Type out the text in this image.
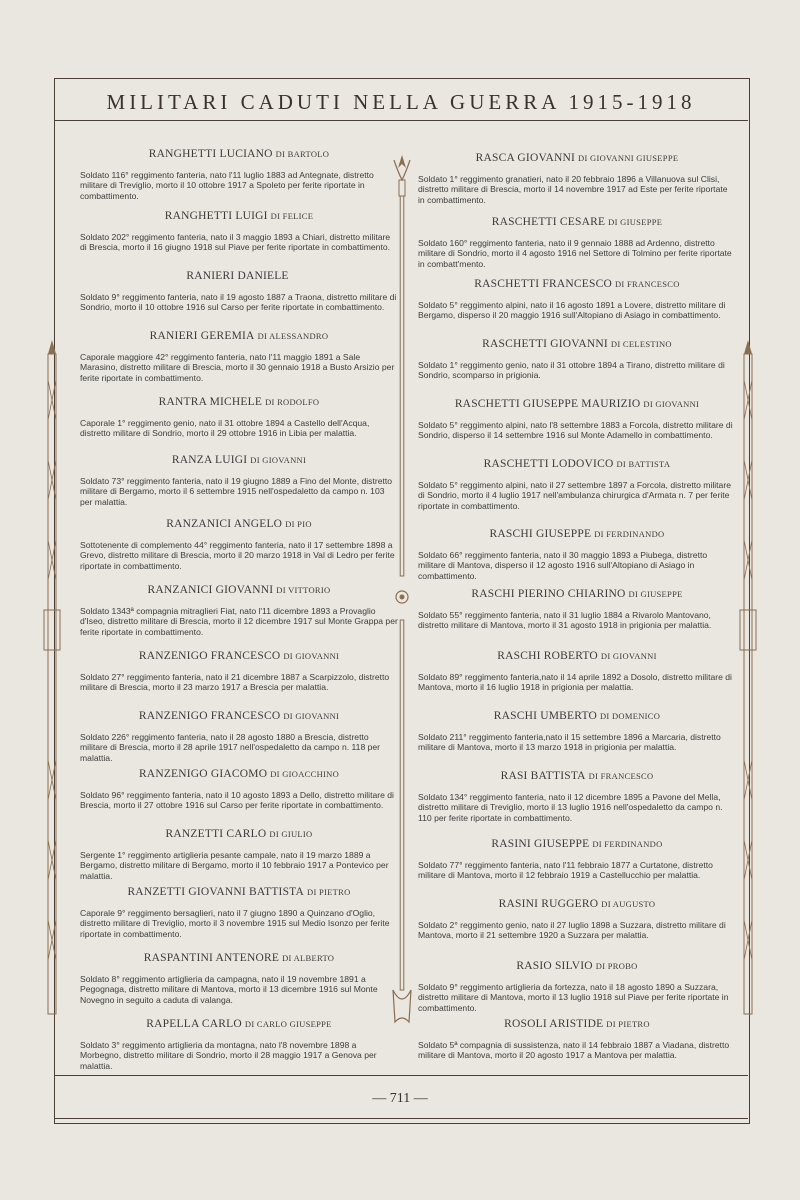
MILITARI CADUTI NELLA GUERRA 1915-1918
RANGHETTI LUCIANO DI BARTOLO
Soldato 116° reggimento fanteria, nato l'11 luglio 1883 ad Antegnate, distretto militare di Treviglio, morto il 10 ottobre 1917 a Spoleto per ferite riportate in combattimento.
RANGHETTI LUIGI DI FELICE
Soldato 202° reggimento fanteria, nato il 3 maggio 1893 a Chiari, distretto militare di Brescia, morto il 16 giugno 1918 sul Piave per ferite riportate in combattimento.
RANIERI DANIELE
Soldato 9° reggimento fanteria, nato il 19 agosto 1887 a Traona, distretto militare di Sondrio, morto il 10 ottobre 1916 sul Carso per ferite riportate in combattimento.
RANIERI GEREMIA DI ALESSANDRO
Caporale maggiore 42° reggimento fanteria, nato l'11 maggio 1891 a Sale Marasino, distretto militare di Brescia, morto il 30 gennaio 1918 a Busto Arsizio per ferite riportate in combattimento.
RANTRA MICHELE DI RODOLFO
Caporale 1° reggimento genio, nato il 31 ottobre 1894 a Castello dell'Acqua, distretto militare di Sondrio, morto il 29 ottobre 1916 in Libia per malattia.
RANZA LUIGI DI GIOVANNI
Soldato 73° reggimento fanteria, nato il 19 giugno 1889 a Fino del Monte, distretto militare di Bergamo, morto il 6 settembre 1915 nell'ospedaletto da campo n. 103 per malattia.
RANZANICI ANGELO DI PIO
Sottotenente di complemento 44° reggimento fanteria, nato il 17 settembre 1898 a Grevo, distretto militare di Brescia, morto il 20 marzo 1918 in Val di Ledro per ferite riportate in combattimento.
RANZANICI GIOVANNI DI VITTORIO
Soldato 1343ª compagnia mitraglieri Fiat, nato l'11 dicembre 1893 a Provaglio d'Iseo, distretto militare di Brescia, morto il 12 dicembre 1917 sul Monte Grappa per ferite riportate in combattimento.
RANZENIGO FRANCESCO DI GIOVANNI
Soldato 27° reggimento fanteria, nato il 21 dicembre 1887 a Scarpizzolo, distretto militare di Brescia, morto il 23 marzo 1917 a Brescia per malattia.
RANZENIGO FRANCESCO DI GIOVANNI
Soldato 226° reggimento fanteria, nato il 28 agosto 1880 a Brescia, distretto militare di Brescia, morto il 28 aprile 1917 nell'ospedaletto da campo n. 118 per malattia.
RANZENIGO GIACOMO DI GIOACCHINO
Soldato 96° reggimento fanteria, nato il 10 agosto 1893 a Dello, distretto militare di Brescia, morto il 27 ottobre 1916 sul Carso per ferite riportate in combattimento.
RANZETTI CARLO DI GIULIO
Sergente 1° reggimento artiglieria pesante campale, nato il 19 marzo 1889 a Bergamo, distretto militare di Bergamo, morto il 10 febbraio 1917 a Pontevico per malattia.
RANZETTI GIOVANNI BATTISTA DI PIETRO
Caporale 9° reggimento bersaglieri, nato il 7 giugno 1890 a Quinzano d'Oglio, distretto militare di Treviglio, morto il 3 novembre 1915 sul Medio Isonzo per ferite riportate in combattimento.
RASPANTINI ANTENORE DI ALBERTO
Soldato 8° reggimento artiglieria da campagna, nato il 19 novembre 1891 a Pegognaga, distretto militare di Mantova, morto il 13 dicembre 1916 sul Monte Novegno in seguito a caduta di valanga.
RAPELLA CARLO DI CARLO GIUSEPPE
Soldato 3° reggimento artiglieria da montagna, nato l'8 novembre 1898 a Morbegno, distretto militare di Sondrio, morto il 28 maggio 1917 a Genova per malattia.
RASCA GIOVANNI DI GIOVANNI GIUSEPPE
Soldato 1° reggimento granatieri, nato il 20 febbraio 1896 a Villanuova sul Clisi, distretto militare di Brescia, morto il 14 novembre 1917 ad Este per ferite riportate in combattimento.
RASCHETTI CESARE DI GIUSEPPE
Soldato 160° reggimento fanteria, nato il 9 gennaio 1888 ad Ardenno, distretto militare di Sondrio, morto il 4 agosto 1916 nel Settore di Tolmino per ferite riportate in combatt'mento.
RASCHETTI FRANCESCO DI FRANCESCO
Soldato 5° reggimento alpini, nato il 16 agosto 1891 a Lovere, distretto militare di Bergamo, disperso il 20 maggio 1916 sull'Altopiano di Asiago in combattimento.
RASCHETTI GIOVANNI DI CELESTINO
Soldato 1° reggimento genio, nato il 31 ottobre 1894 a Tirano, distretto militare di Sondrio, scomparso in prigionia.
RASCHETTI GIUSEPPE MAURIZIO DI GIOVANNI
Soldato 5° reggimento alpini, nato l'8 settembre 1883 a Forcola, distretto militare di Sondrio, disperso il 14 settembre 1916 sul Monte Adamello in combattimento.
RASCHETTI LODOVICO DI BATTISTA
Soldato 5° reggimento alpini, nato il 27 settembre 1897 a Forcola, distretto militare di Sondrio, morto il 4 luglio 1917 nell'ambulanza chirurgica d'Armata n. 7 per ferite riportate in combattimento.
RASCHI GIUSEPPE DI FERDINANDO
Soldato 66° reggimento fanteria, nato il 30 maggio 1893 a Piubega, distretto militare di Mantova, disperso il 12 agosto 1916 sull'Altopiano di Asiago in combattimento.
RASCHI PIERINO CHIARINO DI GIUSEPPE
Soldato 55° reggimento fanteria, nato il 31 luglio 1884 a Rivarolo Mantovano, distretto militare di Mantova, morto il 31 agosto 1918 in prigionia per malattia.
RASCHI ROBERTO DI GIOVANNI
Soldato 89° reggimento fanteria,nato il 14 aprile 1892 a Dosolo, distretto militare di Mantova, morto il 16 luglio 1918 in prigionia per malattia.
RASCHI UMBERTO DI DOMENICO
Soldato 211° reggimento fanteria,nato il 15 settembre 1896 a Marcaria, distretto militare di Mantova, morto il 13 marzo 1918 in prigionia per malattia.
RASI BATTISTA DI FRANCESCO
Soldato 134° reggimento fanteria, nato il 12 dicembre 1895 a Pavone del Mella, distretto militare di Treviglio, morto il 13 luglio 1916 nell'ospedaletto da campo n. 110 per ferite riportate in combattimento.
RASINI GIUSEPPE DI FERDINANDO
Soldato 77° reggimento fanteria, nato l'11 febbraio 1877 a Curtatone, distretto militare di Mantova, morto il 12 febbraio 1919 a Castellucchio per malattia.
RASINI RUGGERO DI AUGUSTO
Soldato 2° reggimento genio, nato il 27 luglio 1898 a Suzzara, distretto militare di Mantova, morto il 21 settembre 1920 a Suzzara per malattia.
RASIO SILVIO DI PROBO
Soldato 9° reggimento artiglieria da fortezza, nato il 18 agosto 1890 a Suzzara, distretto militare di Mantova, morto il 13 luglio 1918 sul Piave per ferite riportate in combattimento.
ROSOLI ARISTIDE DI PIETRO
Soldato 5ª compagnia di sussistenza, nato il 14 febbraio 1887 a Viadana, distretto militare di Mantova, morto il 20 agosto 1917 a Mantova per malattia.
— 711 —
